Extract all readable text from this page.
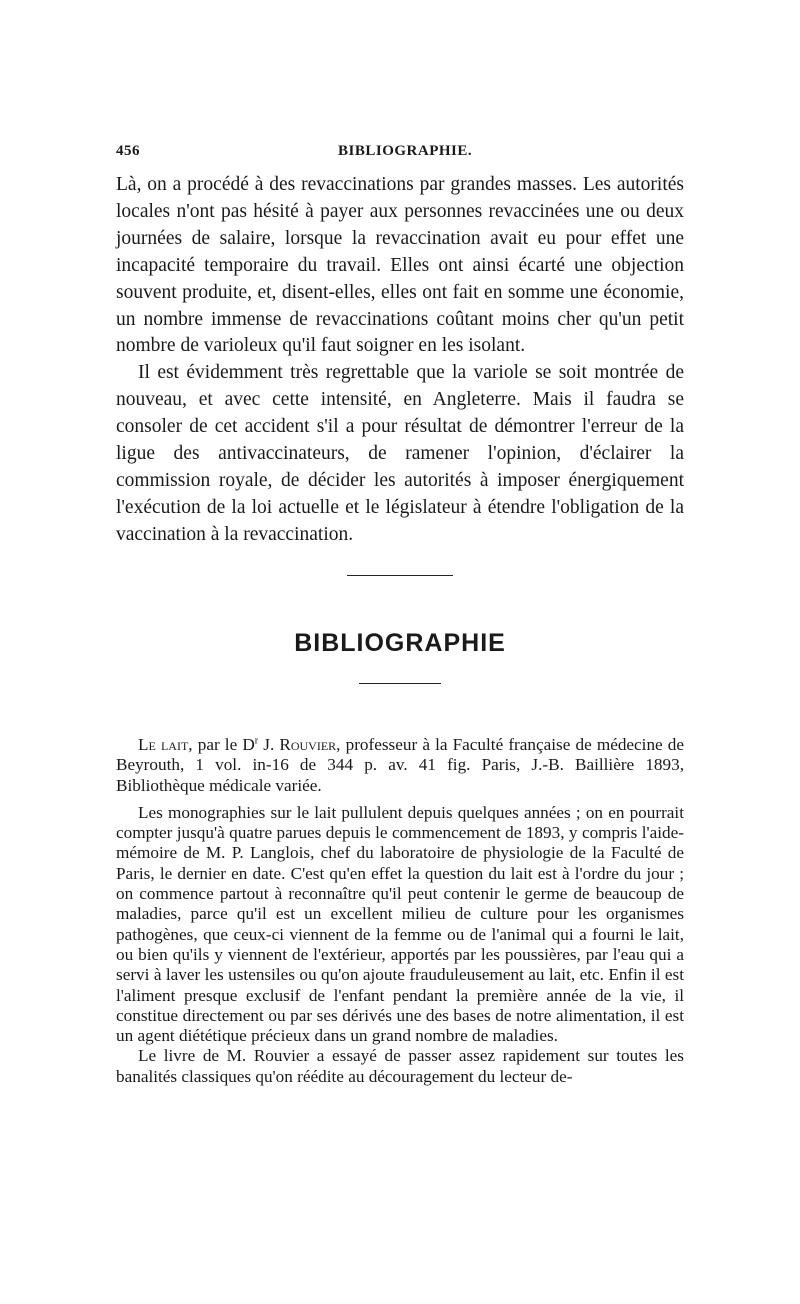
456	BIBLIOGRAPHIE.

Là, on a procédé à des revaccinations par grandes masses. Les autorités locales n'ont pas hésité à payer aux personnes revaccinées une ou deux journées de salaire, lorsque la revaccination avait eu pour effet une incapacité temporaire du travail. Elles ont ainsi écarté une objection souvent produite, et, disent-elles, elles ont fait en somme une économie, un nombre immense de revaccinations coûtant moins cher qu'un petit nombre de varioleux qu'il faut soigner en les isolant.

Il est évidemment très regrettable que la variole se soit montrée de nouveau, et avec cette intensité, en Angleterre. Mais il faudra se consoler de cet accident s'il a pour résultat de démontrer l'erreur de la ligue des antivaccinateurs, de ramener l'opinion, d'éclairer la commission royale, de décider les autorités à imposer énergiquement l'exécution de la loi actuelle et le législateur à étendre l'obligation de la vaccination à la revaccination.

BIBLIOGRAPHIE

Le lait, par le $D^r$ J. Rouvier, professeur à la Faculté française de médecine de Beyrouth, 1 vol. in-16 de 344 p. av. 41 fig. Paris, J.-B. Baillière 1893, Bibliothèque médicale variée.

Les monographies sur le lait pullulent depuis quelques années ; on en pourrait compter jusqu'à quatre parues depuis le commencement de 1893, y compris l'aide-mémoire de M. P. Langlois, chef du laboratoire de physiologie de la Faculté de Paris, le dernier en date. C'est qu'en effet la question du lait est à l'ordre du jour ; on commence partout à reconnaître qu'il peut contenir le germe de beaucoup de maladies, parce qu'il est un excellent milieu de culture pour les organismes pathogènes, que ceux-ci viennent de la femme ou de l'animal qui a fourni le lait, ou bien qu'ils y viennent de l'extérieur, apportés par les poussières, par l'eau qui a servi à laver les ustensiles ou qu'on ajoute frauduleusement au lait, etc. Enfin il est l'aliment presque exclusif de l'enfant pendant la première année de la vie, il constitue directement ou par ses dérivés une des bases de notre alimentation, il est un agent diététique précieux dans un grand nombre de maladies.

Le livre de M. Rouvier a essayé de passer assez rapidement sur toutes les banalités classiques qu'on réédite au découragement du lecteur de-
